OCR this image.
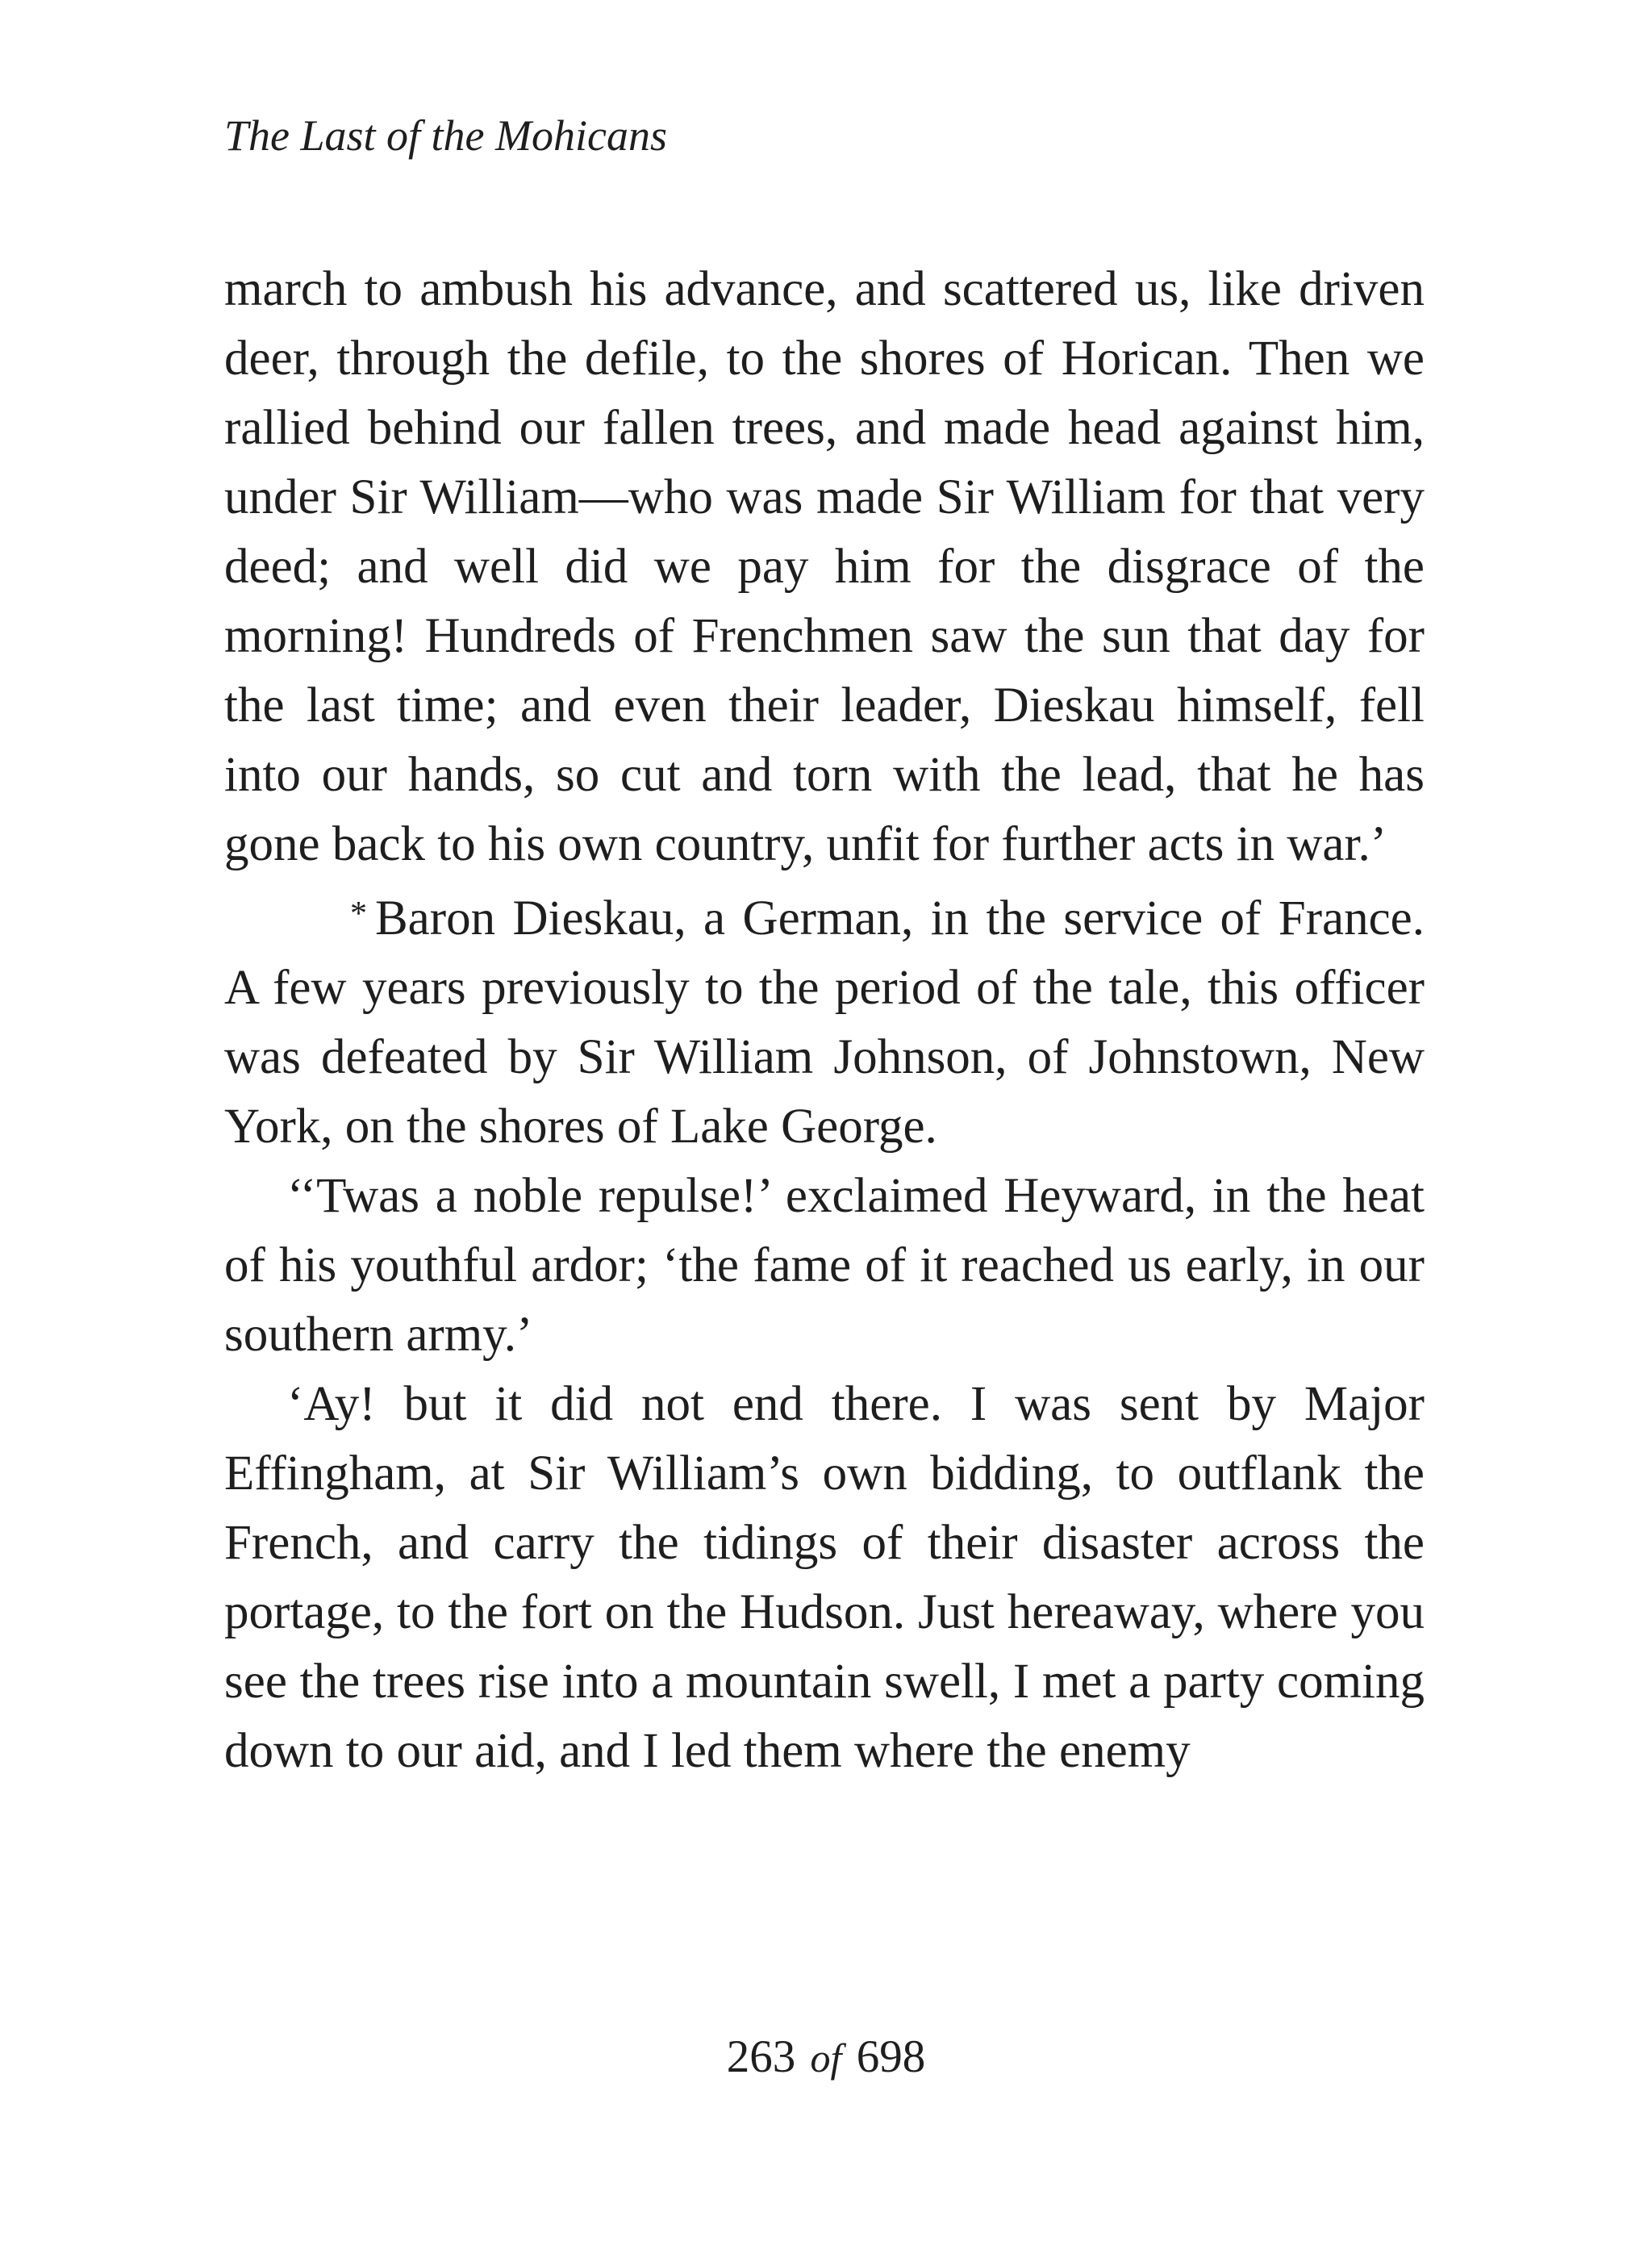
The Last of the Mohicans

march to ambush his advance, and scattered us, like driven deer, through the defile, to the shores of Horican. Then we rallied behind our fallen trees, and made head against him, under Sir William—who was made Sir William for that very deed; and well did we pay him for the disgrace of the morning! Hundreds of Frenchmen saw the sun that day for the last time; and even their leader, Dieskau himself, fell into our hands, so cut and torn with the lead, that he has gone back to his own country, unfit for further acts in war.’

* Baron Dieskau, a German, in the service of France. A few years previously to the period of the tale, this officer was defeated by Sir William Johnson, of Johnstown, New York, on the shores of Lake George.

‘‘Twas a noble repulse!’ exclaimed Heyward, in the heat of his youthful ardor; ‘the fame of it reached us early, in our southern army.’

‘Ay! but it did not end there. I was sent by Major Effingham, at Sir William’s own bidding, to outflank the French, and carry the tidings of their disaster across the portage, to the fort on the Hudson. Just hereaway, where you see the trees rise into a mountain swell, I met a party coming down to our aid, and I led them where the enemy

263 of 698
